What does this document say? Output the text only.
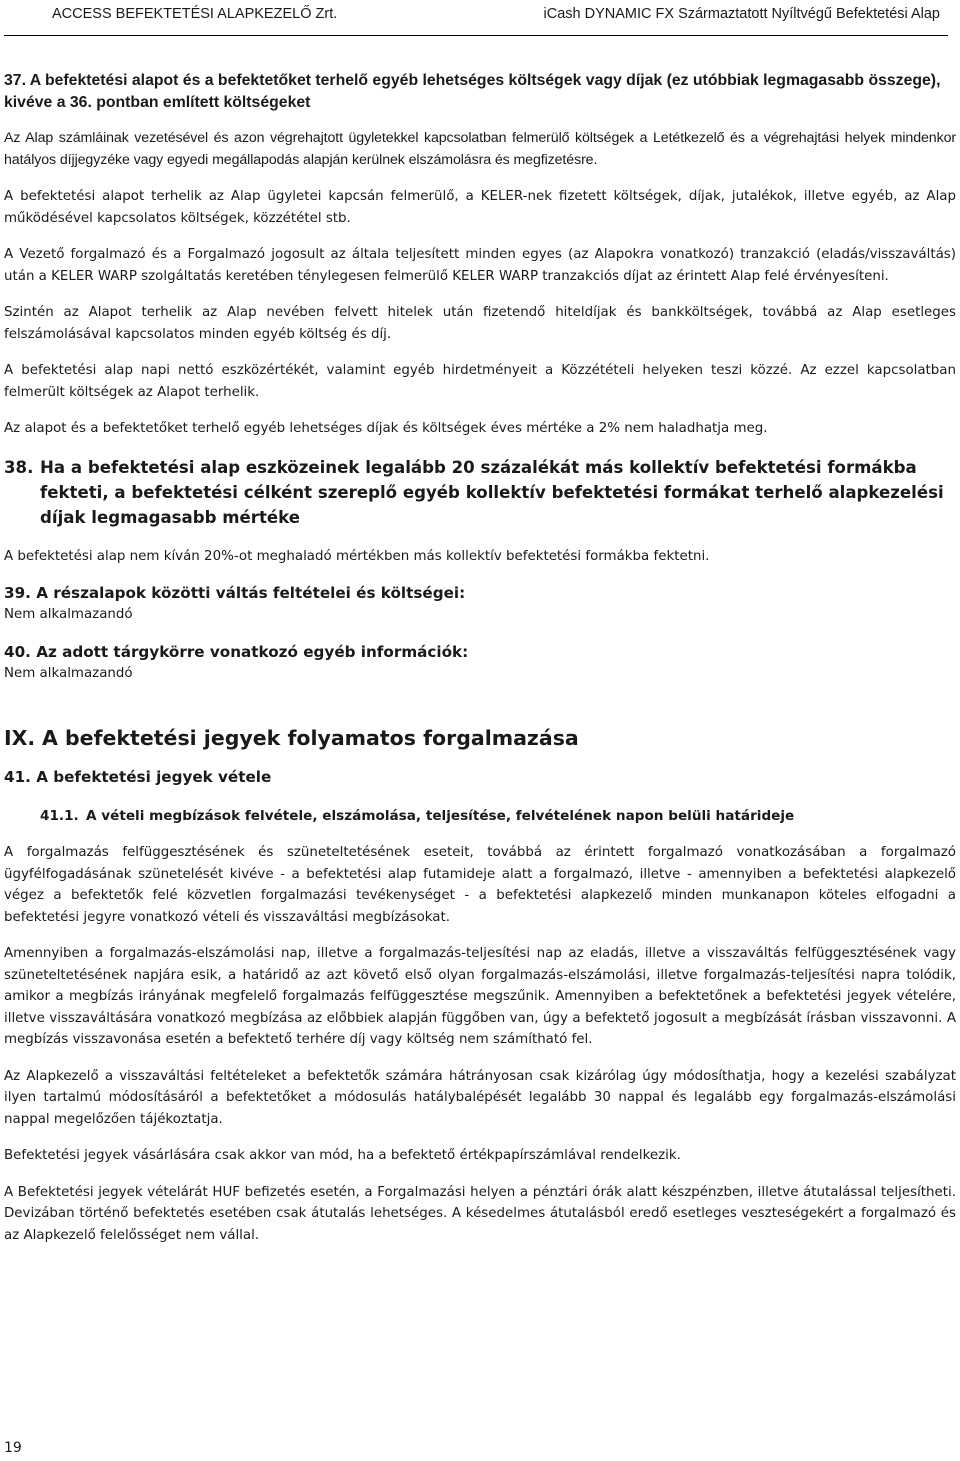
ACCESS BEFEKTETÉSI ALAPKEZELŐ Zrt.	iCash DYNAMIC FX Származtatott Nyíltvégű Befektetési Alap
37. A befektetési alapot és a befektetőket terhelő egyéb lehetséges költségek vagy díjak (ez utóbbiak legmagasabb összege), kivéve a 36. pontban említett költségeket

Az Alap számláinak vezetésével és azon végrehajtott ügyletekkel kapcsolatban felmerülő költségek a Letétkezelő és a végrehajtási helyek mindenkor hatályos díjjegyzéke vagy egyedi megállapodás alapján kerülnek elszámolásra és megfizetésre.

A befektetési alapot terhelik az Alap ügyletei kapcsán felmerülő, a KELER-nek fizetett költségek, díjak, jutalékok, illetve egyéb, az Alap működésével kapcsolatos költségek, közzététel stb.

A Vezető forgalmazó és a Forgalmazó jogosult az általa teljesített minden egyes (az Alapokra vonatkozó) tranzakció (eladás/visszaváltás) után a KELER WARP szolgáltatás keretében ténylegesen felmerülő KELER WARP tranzakciós díjat az érintett Alap felé érvényesíteni.

Szintén az Alapot terhelik az Alap nevében felvett hitelek után fizetendő hiteldíjak és bankköltségek, továbbá az Alap esetleges felszámolásával kapcsolatos minden egyéb költség és díj.

A befektetési alap napi nettó eszközértékét, valamint egyéb hirdetményeit a Közzétételi helyeken teszi közzé. Az ezzel kapcsolatban felmerült költségek az Alapot terhelik.

Az alapot és a befektetőket terhelő egyéb lehetséges díjak és költségek éves mértéke a 2% nem haladhatja meg.

38. Ha a befektetési alap eszközeinek legalább 20 százalékát más kollektív befektetési formákba fekteti, a befektetési célként szereplő egyéb kollektív befektetési formákat terhelő alapkezelési díjak legmagasabb mértéke

A befektetési alap nem kíván 20%-ot meghaladó mértékben más kollektív befektetési formákba fektetni.

39. A részalapok közötti váltás feltételei és költségei:
Nem alkalmazandó
40. Az adott tárgykörre vonatkozó egyéb információk:
Nem alkalmazandó
IX. A befektetési jegyek folyamatos forgalmazása
41. A befektetési jegyek vétele
41.1. A vételi megbízások felvétele, elszámolása, teljesítése, felvételének napon belüli határideje

A forgalmazás felfüggesztésének és szüneteltetésének eseteit, továbbá az érintett forgalmazó vonatkozásában a forgalmazó ügyfélfogadásának szünetelését kivéve - a befektetési alap futamideje alatt a forgalmazó, illetve - amennyiben a befektetési alapkezelő végez a befektetők felé közvetlen forgalmazási tevékenységet - a befektetési alapkezelő minden munkanapon köteles elfogadni a befektetési jegyre vonatkozó vételi és visszaváltási megbízásokat.

Amennyiben a forgalmazás-elszámolási nap, illetve a forgalmazás-teljesítési nap az eladás, illetve a visszaváltás felfüggesztésének vagy szüneteltetésének napjára esik, a határidő az azt követő első olyan forgalmazás-elszámolási, illetve forgalmazás-teljesítési napra tolódik, amikor a megbízás irányának megfelelő forgalmazás felfüggesztése megszűnik. Amennyiben a befektetőnek a befektetési jegyek vételére, illetve visszaváltására vonatkozó megbízása az előbbiek alapján függőben van, úgy a befektető jogosult a megbízását írásban visszavonni. A megbízás visszavonása esetén a befektető terhére díj vagy költség nem számítható fel.

Az Alapkezelő a visszaváltási feltételeket a befektetők számára hátrányosan csak kizárólag úgy módosíthatja, hogy a kezelési szabályzat ilyen tartalmú módosításáról a befektetőket a módosulás hatálybalépését legalább 30 nappal és legalább egy forgalmazás-elszámolási nappal megelőzően tájékoztatja.

Befektetési jegyek vásárlására csak akkor van mód, ha a befektető értékpapírszámlával rendelkezik.

A Befektetési jegyek vételárát HUF befizetés esetén, a Forgalmazási helyen a pénztári órák alatt készpénzben, illetve átutalással teljesítheti. Devizában történő befektetés esetében csak átutalás lehetséges. A késedelmes átutalásból eredő esetleges veszteségekért a forgalmazó és az Alapkezelő felelősséget nem vállal.

19
